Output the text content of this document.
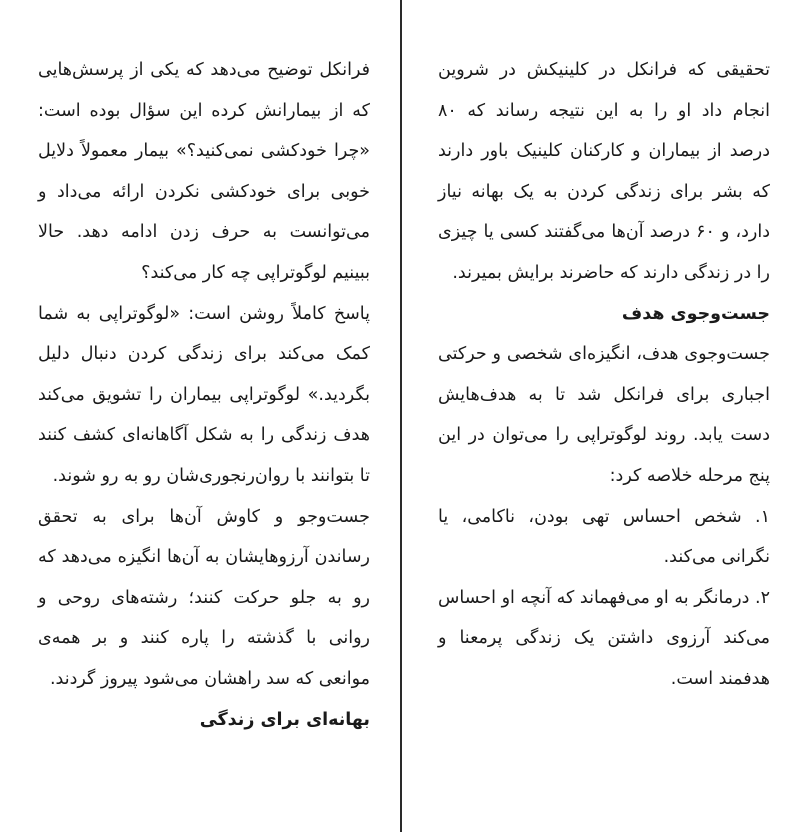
فرانکل توضیح می‌دهد که یکی از پرسش‌هایی که از بیمارانش کرده این سؤال بوده است: «چرا خودکشی نمی‌کنید؟» بیمار معمولاً دلایل خوبی برای خودکشی نکردن ارائه می‌داد و می‌توانست به حرف زدن ادامه دهد. حالا ببینیم لوگوتراپی چه کار می‌کند؟

پاسخ کاملاً روشن است: «لوگوتراپی به شما کمک می‌کند برای زندگی کردن دنبال دلیل بگردید.» لوگوتراپی بیماران را تشویق می‌کند هدف زندگی را به شکل آگاهانه‌ای کشف کنند تا بتوانند با روان‌رنجوری‌شان رو به رو شوند.

جست‌وجو و کاوش آن‌ها برای به تحقق رساندن آرزوهایشان به آن‌ها انگیزه می‌دهد که رو به جلو حرکت کنند؛ رشته‌های روحی و روانی با گذشته را پاره کنند و بر همه‌ی موانعی که سد راهشان می‌شود پیروز گردند.

بهانه‌ای برای زندگی

تحقیقی که فرانکل در کلینیکش در شروین انجام داد او را به این نتیجه رساند که ۸۰ درصد از بیماران و کارکنان کلینیک باور دارند که بشر برای زندگی کردن به یک بهانه نیاز دارد، و ۶۰ درصد آن‌ها می‌گفتند کسی یا چیزی را در زندگی دارند که حاضرند برایش بمیرند.

جست‌وجوی هدف

جست‌وجوی هدف، انگیزه‌ای شخصی و حرکتی اجباری برای فرانکل شد تا به هدف‌هایش دست یابد. روند لوگوتراپی را می‌توان در این پنج مرحله خلاصه کرد:

۱. شخص احساس تهی بودن، ناکامی، یا نگرانی می‌کند.

۲. درمانگر به او می‌فهماند که آنچه او احساس می‌کند آرزوی داشتن یک زندگی پرمعنا و هدفمند است.
